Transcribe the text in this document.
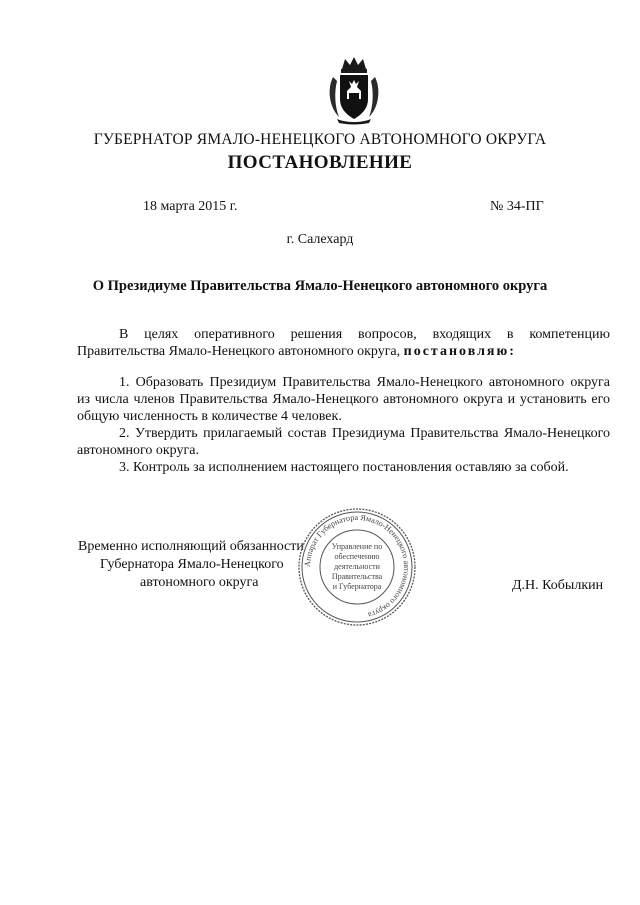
ГУБЕРНАТОР ЯМАЛО-НЕНЕЦКОГО АВТОНОМНОГО ОКРУГА
ПОСТАНОВЛЕНИЕ
18 марта 2015 г.	№ 34-ПГ
г. Салехард
О Президиуме Правительства Ямало-Ненецкого автономного округа

В целях оперативного решения вопросов, входящих в компетенцию Правительства Ямало-Ненецкого автономного округа, постановляю:

1. Образовать Президиум Правительства Ямало-Ненецкого автономного округа из числа членов Правительства Ямало-Ненецкого автономного округа и установить его общую численность в количестве 4 человек.

2. Утвердить прилагаемый состав Президиума Правительства Ямало-Ненецкого автономного округа.

3. Контроль за исполнением настоящего постановления оставляю за собой.

Временно исполняющий обязанности
Губернатора Ямало-Ненецкого
автономного округа
Аппарат Губернатора Ямало-Ненецкого автономного округа
Управление по
обеспечению
деятельности
Правительства
и Губернатора	Д.Н. Кобылкин
